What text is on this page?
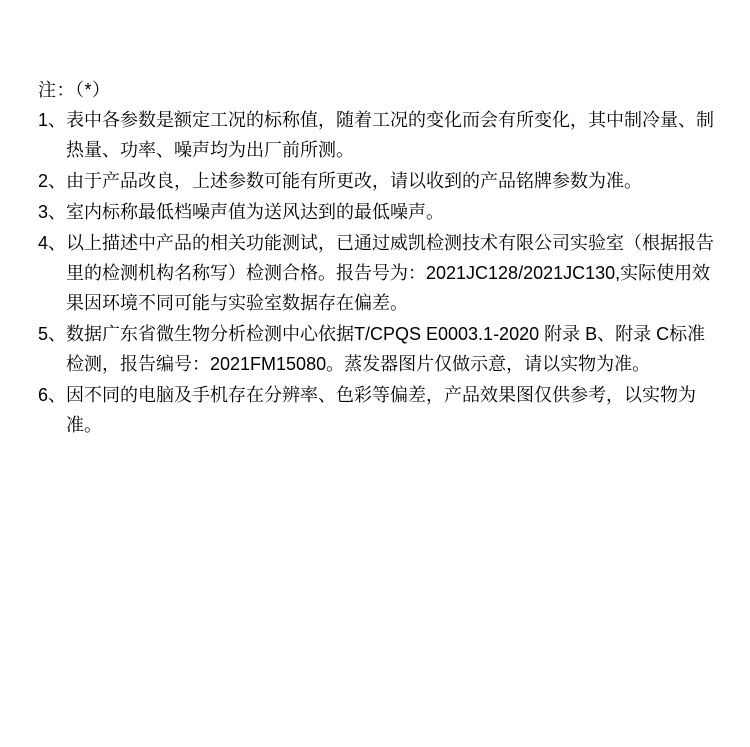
注：（*）
1、 表中各参数是额定工况的标称值，随着工况的变化而会有所变化，其中制冷量、制热量、功率、噪声均为出厂前所测。
2、 由于产品改良，上述参数可能有所更改，请以收到的产品铭牌参数为准。
3、 室内标称最低档噪声值为送风达到的最低噪声。
4、 以上描述中产品的相关功能测试，已通过威凯检测技术有限公司实验室（根据报告里的检测机构名称写）检测合格。报告号为：2021JC128/2021JC130,实际使用效果因环境不同可能与实验室数据存在偏差。
5、 数据广东省微生物分析检测中心依据T/CPQS E0003.1-2020 附录 B、附录 C标准检测，报告编号：2021FM15080。蒸发器图片仅做示意，请以实物为准。
6、 因不同的电脑及手机存在分辨率、色彩等偏差，产品效果图仅供参考，以实物为准。
